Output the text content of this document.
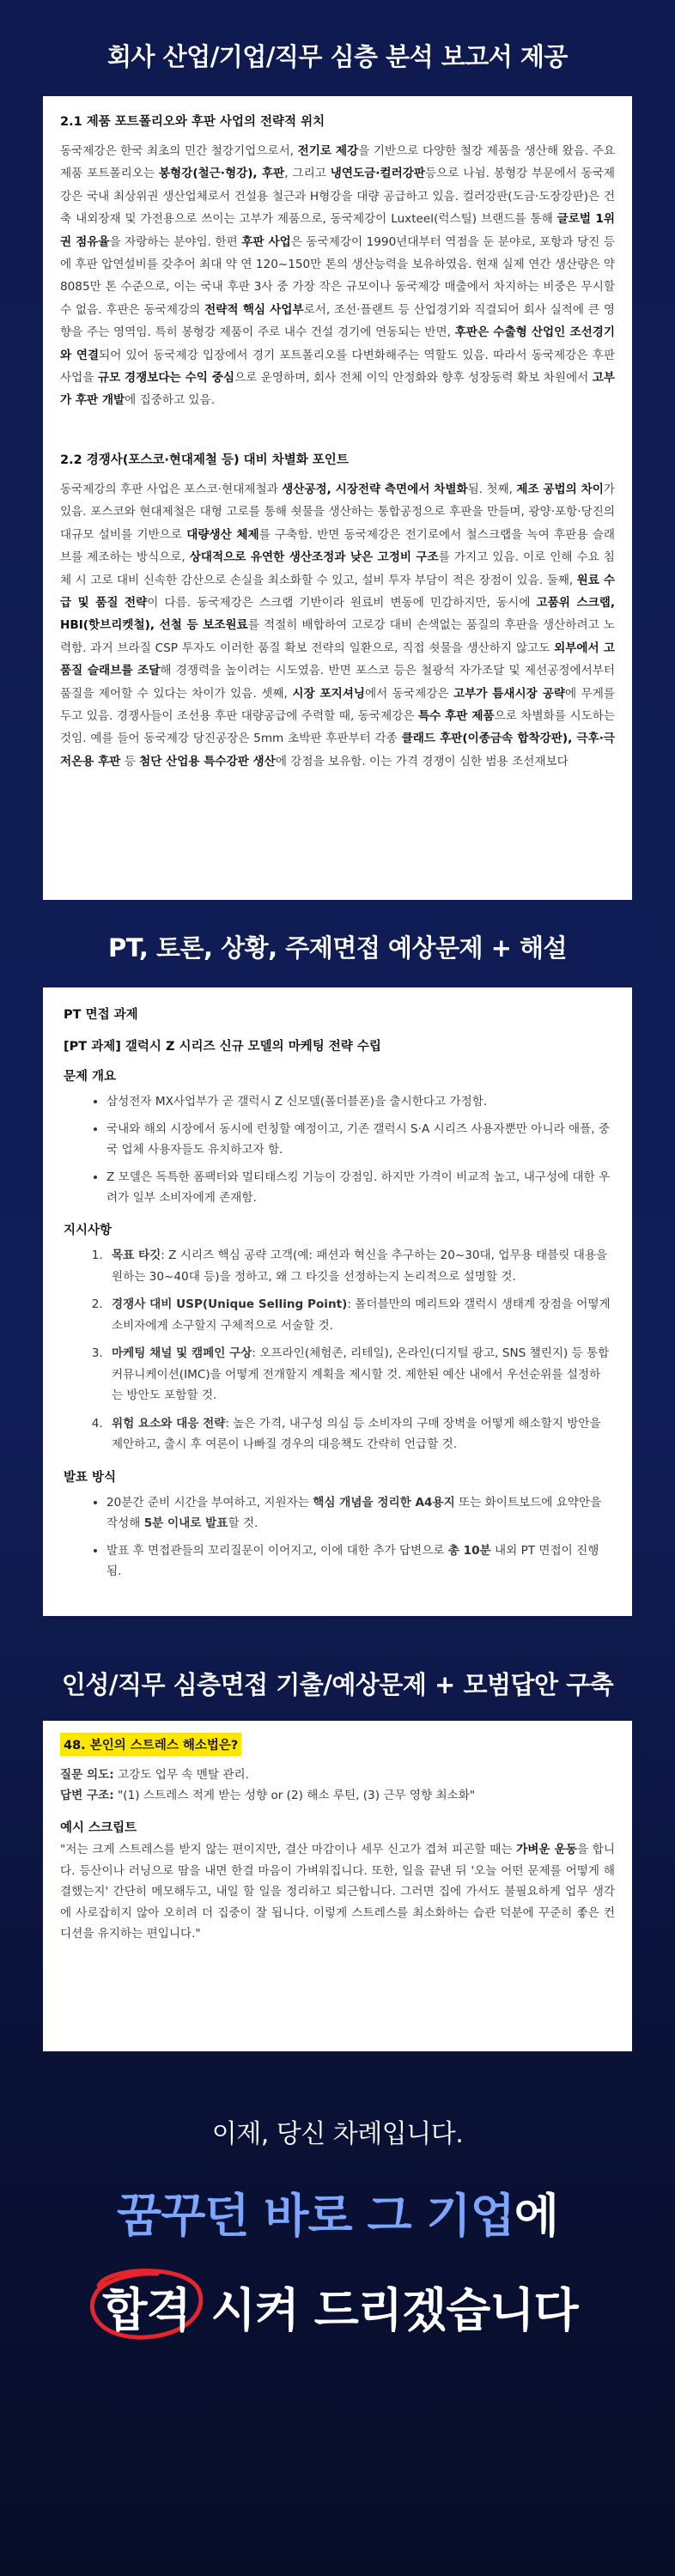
회사 산업/기업/직무 심층 분석 보고서 제공
2.1 제품 포트폴리오와 후판 사업의 전략적 위치

동국제강은 한국 최초의 민간 철강기업으로서, 전기로 제강을 기반으로 다양한 철강 제품을 생산해 왔음. 주요 제품 포트폴리오는 봉형강(철근·형강), 후판, 그리고 냉연도금·컬러강판등으로 나뉨. 봉형강 부문에서 동국제강은 국내 최상위권 생산업체로서 건설용 철근과 H형강을 대량 공급하고 있음. 컬러강판(도금·도장강판)은 건축 내외장재 및 가전용으로 쓰이는 고부가 제품으로, 동국제강이 Luxteel(럭스틸) 브랜드를 통해 글로벌 1위권 점유율을 자랑하는 분야임. 한편 후판 사업은 동국제강이 1990년대부터 역점을 둔 분야로, 포항과 당진 등에 후판 압연설비를 갖추어 최대 약 연 120~150만 톤의 생산능력을 보유하였음. 현재 실제 연간 생산량은 약 8085만 톤 수준으로, 이는 국내 후판 3사 중 가장 작은 규모이나 동국제강 매출에서 차지하는 비중은 무시할 수 없음. 후판은 동국제강의 전략적 핵심 사업부로서, 조선·플랜트 등 산업경기와 직결되어 회사 실적에 큰 영향을 주는 영역임. 특히 봉형강 제품이 주로 내수 건설 경기에 연동되는 반면, 후판은 수출형 산업인 조선경기와 연결되어 있어 동국제강 입장에서 경기 포트폴리오를 다변화해주는 역할도 있음. 따라서 동국제강은 후판 사업을 규모 경쟁보다는 수익 중심으로 운영하며, 회사 전체 이익 안정화와 향후 성장동력 확보 차원에서 고부가 후판 개발에 집중하고 있음.

2.2 경쟁사(포스코·현대제철 등) 대비 차별화 포인트

동국제강의 후판 사업은 포스코·현대제철과 생산공정, 시장전략 측면에서 차별화됨. 첫째, 제조 공법의 차이가 있음. 포스코와 현대제철은 대형 고로를 통해 쇳물을 생산하는 통합공정으로 후판을 만들며, 광양·포항·당진의 대규모 설비를 기반으로 대량생산 체제를 구축함. 반면 동국제강은 전기로에서 철스크랩을 녹여 후판용 슬래브를 제조하는 방식으로, 상대적으로 유연한 생산조정과 낮은 고정비 구조를 가지고 있음. 이로 인해 수요 침체 시 고로 대비 신속한 감산으로 손실을 최소화할 수 있고, 설비 투자 부담이 적은 장점이 있음. 둘째, 원료 수급 및 품질 전략이 다름. 동국제강은 스크랩 기반이라 원료비 변동에 민감하지만, 동시에 고품위 스크랩, HBI(핫브리켓철), 선철 등 보조원료를 적절히 배합하여 고로강 대비 손색없는 품질의 후판을 생산하려고 노력함. 과거 브라질 CSP 투자도 이러한 품질 확보 전략의 일환으로, 직접 쇳물을 생산하지 않고도 외부에서 고품질 슬래브를 조달해 경쟁력을 높이려는 시도였음. 반면 포스코 등은 철광석 자가조달 및 제선공정에서부터 품질을 제어할 수 있다는 차이가 있음. 셋째, 시장 포지셔닝에서 동국제강은 고부가 틈새시장 공략에 무게를 두고 있음. 경쟁사들이 조선용 후판 대량공급에 주력할 때, 동국제강은 특수 후판 제품으로 차별화를 시도하는 것임. 예를 들어 동국제강 당진공장은 5mm 초박판 후판부터 각종 클래드 후판(이종금속 합착강판), 극후·극저온용 후판 등 첨단 산업용 특수강판 생산에 강점을 보유함. 이는 가격 경쟁이 심한 범용 조선재보다

PT, 토론, 상황, 주제면접 예상문제 + 해설
PT 면접 과제
[PT 과제] 갤럭시 Z 시리즈 신규 모델의 마케팅 전략 수립
문제 개요
• 삼성전자 MX사업부가 곧 갤럭시 Z 신모델(폴더블폰)을 출시한다고 가정함.
• 국내와 해외 시장에서 동시에 런칭할 예정이고, 기존 갤럭시 S·A 시리즈 사용자뿐만 아니라 애플, 중국 업체 사용자들도 유치하고자 함.
• Z 모델은 독특한 폼팩터와 멀티태스킹 기능이 강점임. 하지만 가격이 비교적 높고, 내구성에 대한 우려가 일부 소비자에게 존재함.
지시사항
1. 목표 타깃: Z 시리즈 핵심 공략 고객(예: 패션과 혁신을 추구하는 20~30대, 업무용 태블릿 대용을 원하는 30~40대 등)을 정하고, 왜 그 타깃을 선정하는지 논리적으로 설명할 것.
2. 경쟁사 대비 USP(Unique Selling Point): 폴더블만의 메리트와 갤럭시 생태계 장점을 어떻게 소비자에게 소구할지 구체적으로 서술할 것.
3. 마케팅 채널 및 캠페인 구상: 오프라인(체험존, 리테일), 온라인(디지털 광고, SNS 챌린지) 등 통합 커뮤니케이션(IMC)을 어떻게 전개할지 계획을 제시할 것. 제한된 예산 내에서 우선순위를 설정하는 방안도 포함할 것.
4. 위험 요소와 대응 전략: 높은 가격, 내구성 의심 등 소비자의 구매 장벽을 어떻게 해소할지 방안을 제안하고, 출시 후 여론이 나빠질 경우의 대응책도 간략히 언급할 것.
발표 방식
• 20분간 준비 시간을 부여하고, 지원자는 핵심 개념을 정리한 A4용지 또는 화이트보드에 요약안을 작성해 5분 이내로 발표할 것.
• 발표 후 면접관들의 꼬리질문이 이어지고, 이에 대한 추가 답변으로 총 10분 내외 PT 면접이 진행됨.
인성/직무 심층면접 기출/예상문제 + 모범답안 구축
48. 본인의 스트레스 해소법은?
질문 의도: 고강도 업무 속 멘탈 관리.
답변 구조: "(1) 스트레스 적게 받는 성향 or (2) 해소 루틴, (3) 근무 영향 최소화"
예시 스크립트

"저는 크게 스트레스를 받지 않는 편이지만, 결산 마감이나 세무 신고가 겹쳐 피곤할 때는 가벼운 운동을 합니다. 등산이나 러닝으로 땀을 내면 한결 마음이 가벼워집니다. 또한, 일을 끝낸 뒤 '오늘 어떤 문제를 어떻게 해결했는지' 간단히 메모해두고, 내일 할 일을 정리하고 퇴근합니다. 그러면 집에 가서도 불필요하게 업무 생각에 사로잡히지 않아 오히려 더 집중이 잘 됩니다. 이렇게 스트레스를 최소화하는 습관 덕분에 꾸준히 좋은 컨디션을 유지하는 편입니다."

이제, 당신 차례입니다.
꿈꾸던 바로 그 기업에
합격 시켜 드리겠습니다
